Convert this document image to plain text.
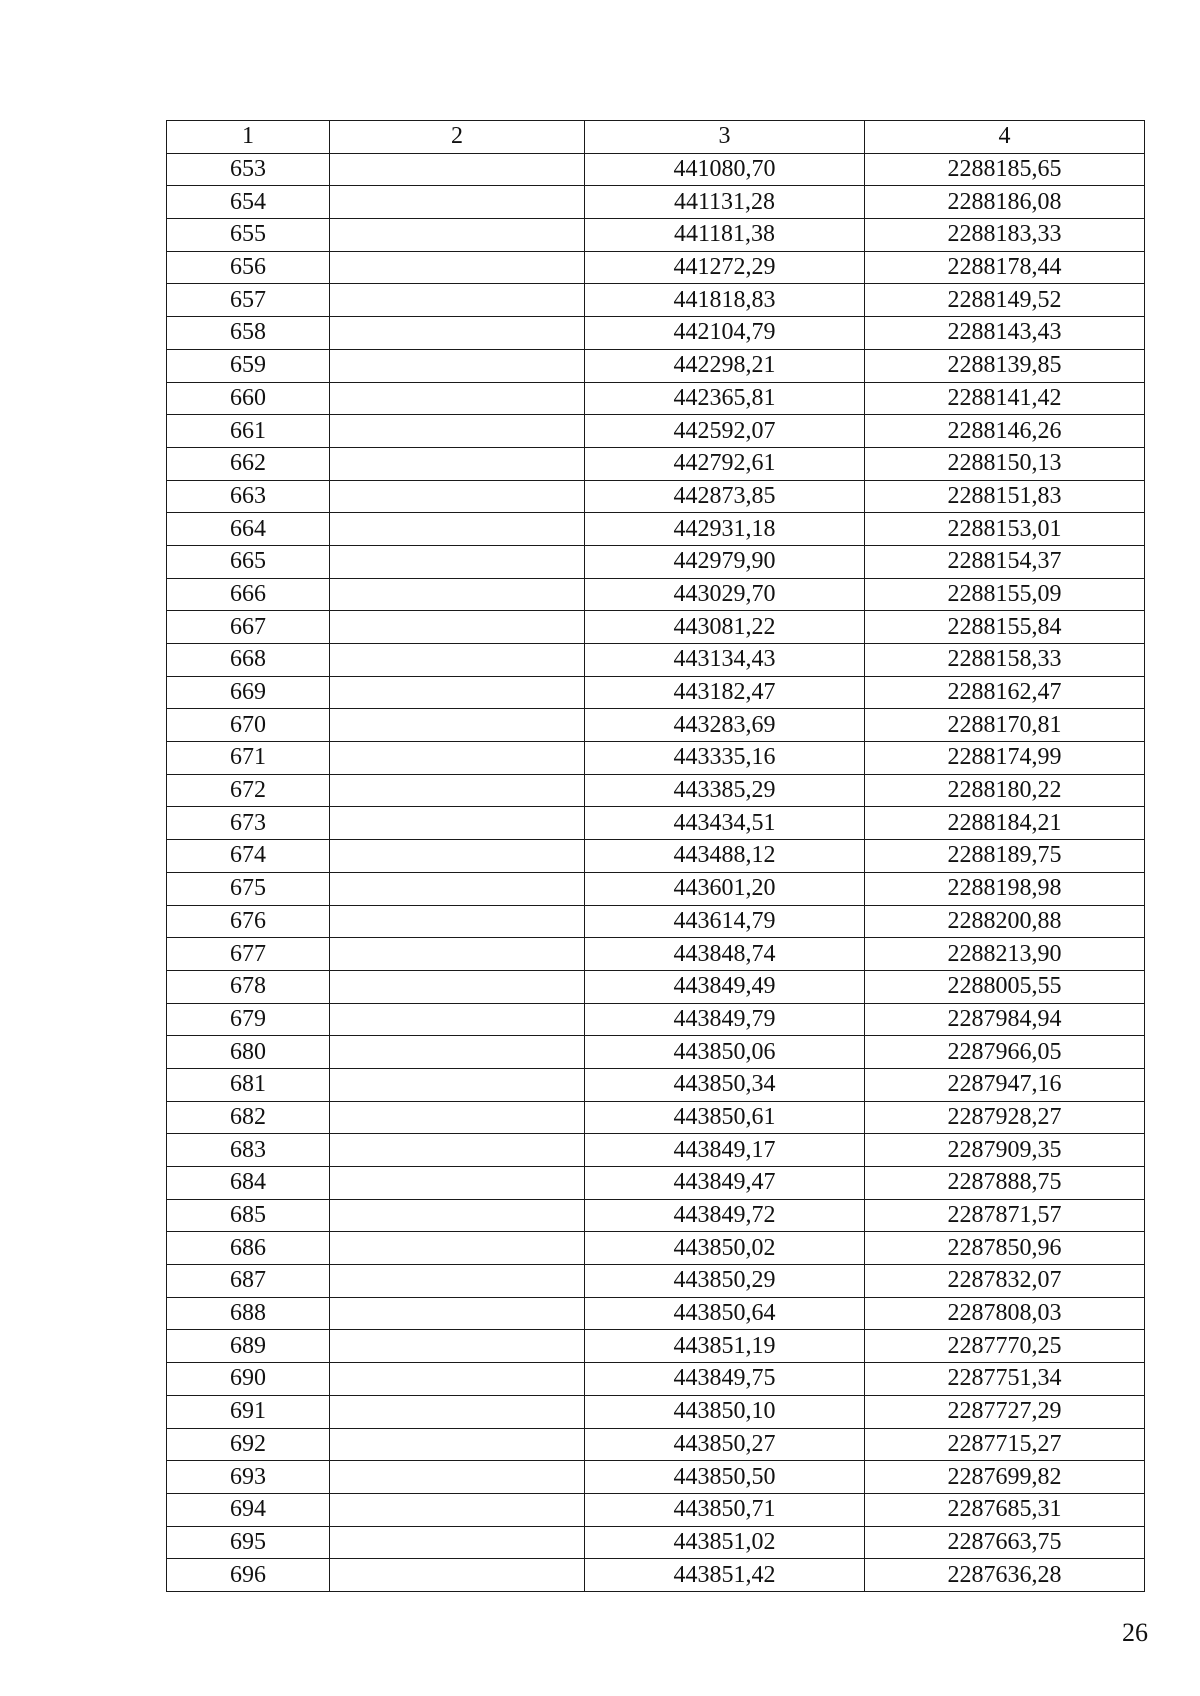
1	2	3	4
653		441080,70	2288185,65
654		441131,28	2288186,08
655		441181,38	2288183,33
656		441272,29	2288178,44
657		441818,83	2288149,52
658		442104,79	2288143,43
659		442298,21	2288139,85
660		442365,81	2288141,42
661		442592,07	2288146,26
662		442792,61	2288150,13
663		442873,85	2288151,83
664		442931,18	2288153,01
665		442979,90	2288154,37
666		443029,70	2288155,09
667		443081,22	2288155,84
668		443134,43	2288158,33
669		443182,47	2288162,47
670		443283,69	2288170,81
671		443335,16	2288174,99
672		443385,29	2288180,22
673		443434,51	2288184,21
674		443488,12	2288189,75
675		443601,20	2288198,98
676		443614,79	2288200,88
677		443848,74	2288213,90
678		443849,49	2288005,55
679		443849,79	2287984,94
680		443850,06	2287966,05
681		443850,34	2287947,16
682		443850,61	2287928,27
683		443849,17	2287909,35
684		443849,47	2287888,75
685		443849,72	2287871,57
686		443850,02	2287850,96
687		443850,29	2287832,07
688		443850,64	2287808,03
689		443851,19	2287770,25
690		443849,75	2287751,34
691		443850,10	2287727,29
692		443850,27	2287715,27
693		443850,50	2287699,82
694		443850,71	2287685,31
695		443851,02	2287663,75
696		443851,42	2287636,28
26
